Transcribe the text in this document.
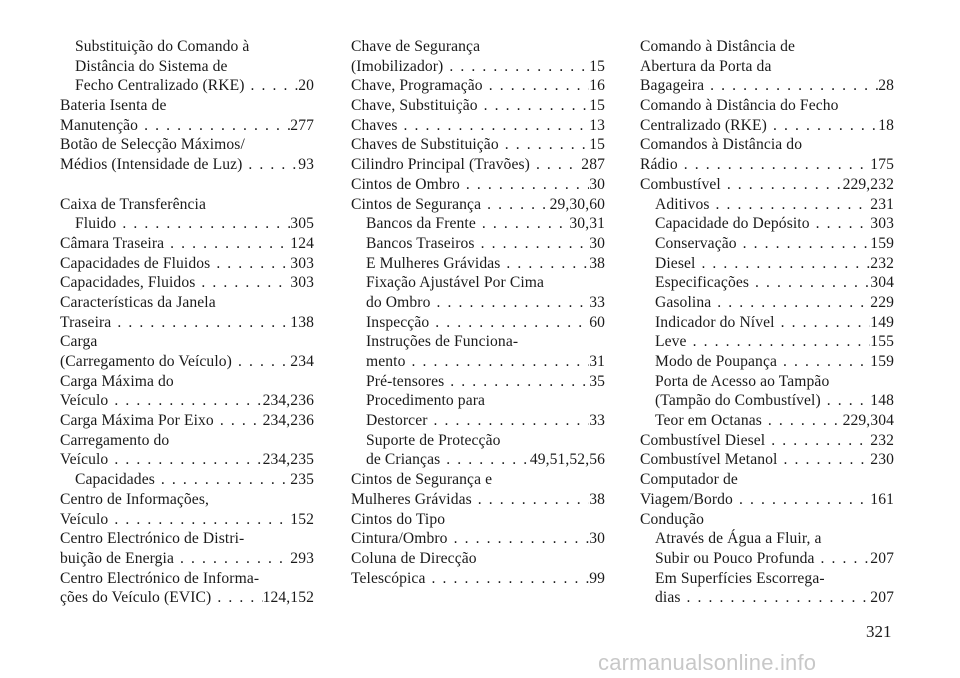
Substituição do Comando à
Distância do Sistema de
Fecho Centralizado (RKE) . . .	20
Bateria Isenta de
Manutenção . . .	277
Botão de Selecção Máximos/
Médios (Intensidade de Luz) . . .	93
Caixa de Transferência
Fluido . . .	305
Câmara Traseira . . .	124
Capacidades de Fluidos . . .	303
Capacidades, Fluidos . . .	303
Características da Janela
Traseira . . .	138
Carga
(Carregamento do Veículo) . . .	234
Carga Máxima do
Veículo . . .	234,236
Carga Máxima Por Eixo . . .	234,236
Carregamento do
Veículo . . .	234,235
Capacidades . . .	235
Centro de Informações,
Veículo . . .	152
Centro Electrónico de Distri-
buição de Energia . . .	293
Centro Electrónico de Informa-
ções do Veículo (EVIC) . . .	124,152
Chave de Segurança
(Imobilizador) . . .	15
Chave, Programação . . .	16
Chave, Substituição . . .	15
Chaves . . .	13
Chaves de Substituição . . .	15
Cilindro Principal (Travões) . . .	287
Cintos de Ombro . . .	30
Cintos de Segurança . . .	29,30,60
Bancos da Frente . . .	30,31
Bancos Traseiros . . .	30
E Mulheres Grávidas . . .	38
Fixação Ajustável Por Cima
do Ombro . . .	33
Inspecção . . .	60
Instruções de Funciona-
mento . . .	31
Pré-tensores . . .	35
Procedimento para
Destorcer . . .	33
Suporte de Protecção
de Crianças . . .	49,51,52,56
Cintos de Segurança e
Mulheres Grávidas . . .	38
Cintos do Tipo
Cintura/Ombro . . .	30
Coluna de Direcção
Telescópica . . .	99
Comando à Distância de
Abertura da Porta da
Bagageira . . .	28
Comando à Distância do Fecho
Centralizado (RKE) . . .	18
Comandos à Distância do
Rádio . . .	175
Combustível . . .	229,232
Aditivos . . .	231
Capacidade do Depósito . . .	303
Conservação . . .	159
Diesel . . .	232
Especificações . . .	304
Gasolina . . .	229
Indicador do Nível . . .	149
Leve . . .	155
Modo de Poupança . . .	159
Porta de Acesso ao Tampão
(Tampão do Combustível) . . .	148
Teor em Octanas . . .	229,304
Combustível Diesel . . .	232
Combustível Metanol . . .	230
Computador de
Viagem/Bordo . . .	161
Condução
Através de Água a Fluir, a
Subir ou Pouco Profunda . . .	207
Em Superfícies Escorrega-
dias . . .	207
321
carmanualsonline.info
